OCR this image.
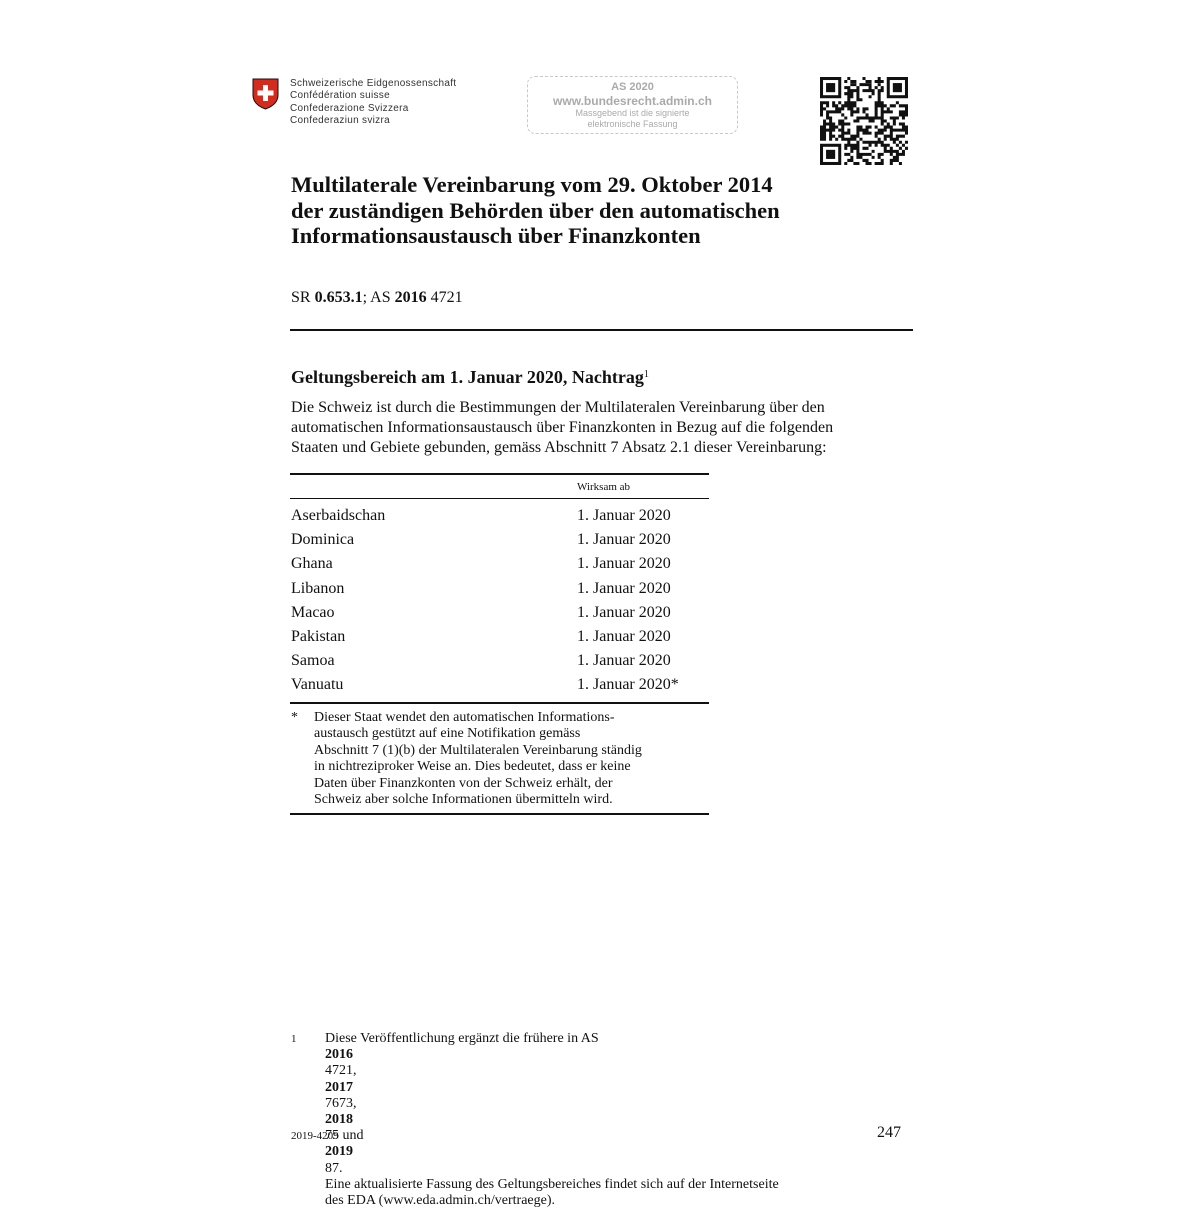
Schweizerische Eidgenossenschaft
Confédération suisse
Confederazione Svizzera
Confederaziun svizra
AS 2020
www.bundesrecht.admin.ch
Massgebend ist die signierte
elektronische Fassung
Multilaterale Vereinbarung vom 29. Oktober 2014
der zuständigen Behörden über den automatischen
Informationsaustausch über Finanzkonten
SR 0.653.1; AS 2016 4721
Geltungsbereich am 1. Januar 2020, Nachtrag$^1$
Die Schweiz ist durch die Bestimmungen der Multilateralen Vereinbarung über den
automatischen Informationsaustausch über Finanzkonten in Bezug auf die folgenden
Staaten und Gebiete gebunden, gemäss Abschnitt 7 Absatz 2.1 dieser Vereinbarung:
Wirksam ab
Aserbaidschan	1. Januar 2020
Dominica	1. Januar 2020
Ghana	1. Januar 2020
Libanon	1. Januar 2020
Macao	1. Januar 2020
Pakistan	1. Januar 2020
Samoa	1. Januar 2020
Vanuatu	1. Januar 2020*
* Dieser Staat wendet den automatischen Informations-
austausch gestützt auf eine Notifikation gemäss
Abschnitt 7 (1)(b) der Multilateralen Vereinbarung ständig
in nichtreziproker Weise an. Dies bedeutet, dass er keine
Daten über Finanzkonten von der Schweiz erhält, der
Schweiz aber solche Informationen übermitteln wird.
1 Diese Veröffentlichung ergänzt die frühere in AS
2016
4721,
2017
7673,
2018
75 und
2019
87.
Eine aktualisierte Fassung des Geltungsbereiches findet sich auf der Internetseite
des EDA (www.eda.admin.ch/vertraege).
2019-4209	247
